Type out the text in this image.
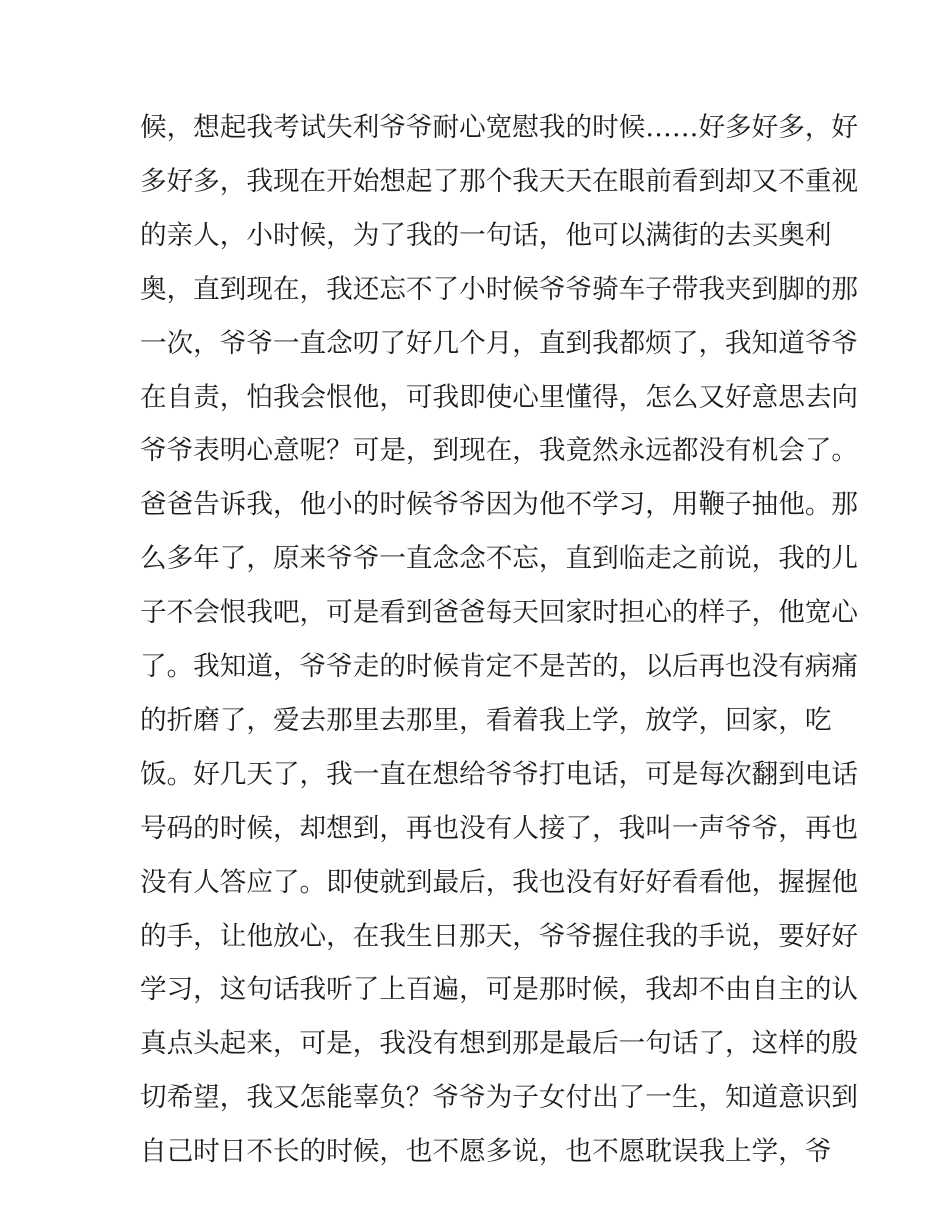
候，想起我考试失利爷爷耐心宽慰我的时候……好多好多，好
多好多，我现在开始想起了那个我天天在眼前看到却又不重视
的亲人，小时候，为了我的一句话，他可以满街的去买奥利
奥，直到现在，我还忘不了小时候爷爷骑车子带我夹到脚的那
一次，爷爷一直念叨了好几个月，直到我都烦了，我知道爷爷
在自责，怕我会恨他，可我即使心里懂得，怎么又好意思去向
爷爷表明心意呢？可是，到现在，我竟然永远都没有机会了。
爸爸告诉我，他小的时候爷爷因为他不学习，用鞭子抽他。那
么多年了，原来爷爷一直念念不忘，直到临走之前说，我的儿
子不会恨我吧，可是看到爸爸每天回家时担心的样子，他宽心
了。我知道，爷爷走的时候肯定不是苦的，以后再也没有病痛
的折磨了，爱去那里去那里，看着我上学，放学，回家，吃
饭。好几天了，我一直在想给爷爷打电话，可是每次翻到电话
号码的时候，却想到，再也没有人接了，我叫一声爷爷，再也
没有人答应了。即使就到最后，我也没有好好看看他，握握他
的手，让他放心，在我生日那天，爷爷握住我的手说，要好好
学习，这句话我听了上百遍，可是那时候，我却不由自主的认
真点头起来，可是，我没有想到那是最后一句话了，这样的殷
切希望，我又怎能辜负？爷爷为子女付出了一生，知道意识到
自己时日不长的时候，也不愿多说，也不愿耽误我上学，爷
